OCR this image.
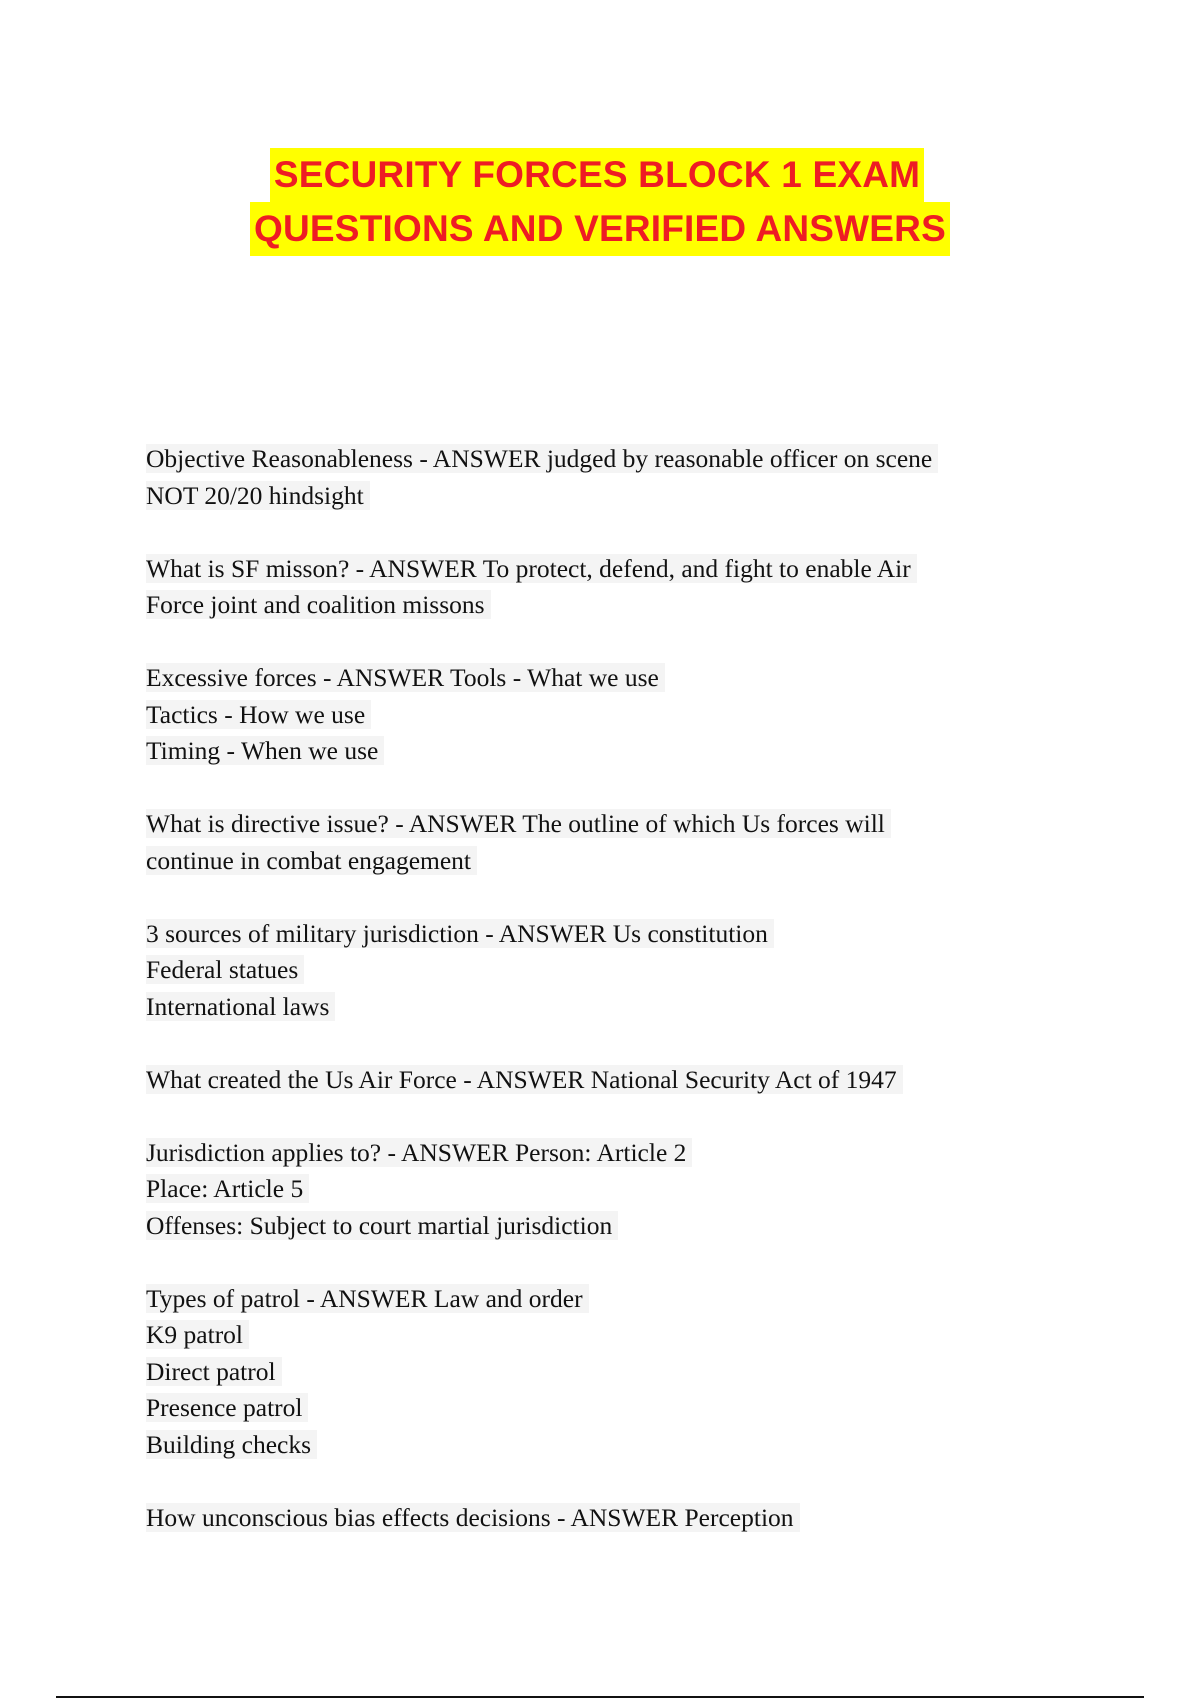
SECURITY FORCES BLOCK 1 EXAM
QUESTIONS AND VERIFIED ANSWERS
Objective Reasonableness - ANSWER judged by reasonable officer on scene
NOT 20/20 hindsight
What is SF misson? - ANSWER To protect, defend, and fight to enable Air
Force joint and coalition missons
Excessive forces - ANSWER Tools - What we use
Tactics - How we use
Timing - When we use
What is directive issue? - ANSWER The outline of which Us forces will
continue in combat engagement
3 sources of military jurisdiction - ANSWER Us constitution
Federal statues
International laws
What created the Us Air Force - ANSWER National Security Act of 1947
Jurisdiction applies to? - ANSWER Person: Article 2
Place: Article 5
Offenses: Subject to court martial jurisdiction
Types of patrol - ANSWER Law and order
K9 patrol
Direct patrol
Presence patrol
Building checks
How unconscious bias effects decisions - ANSWER Perception
